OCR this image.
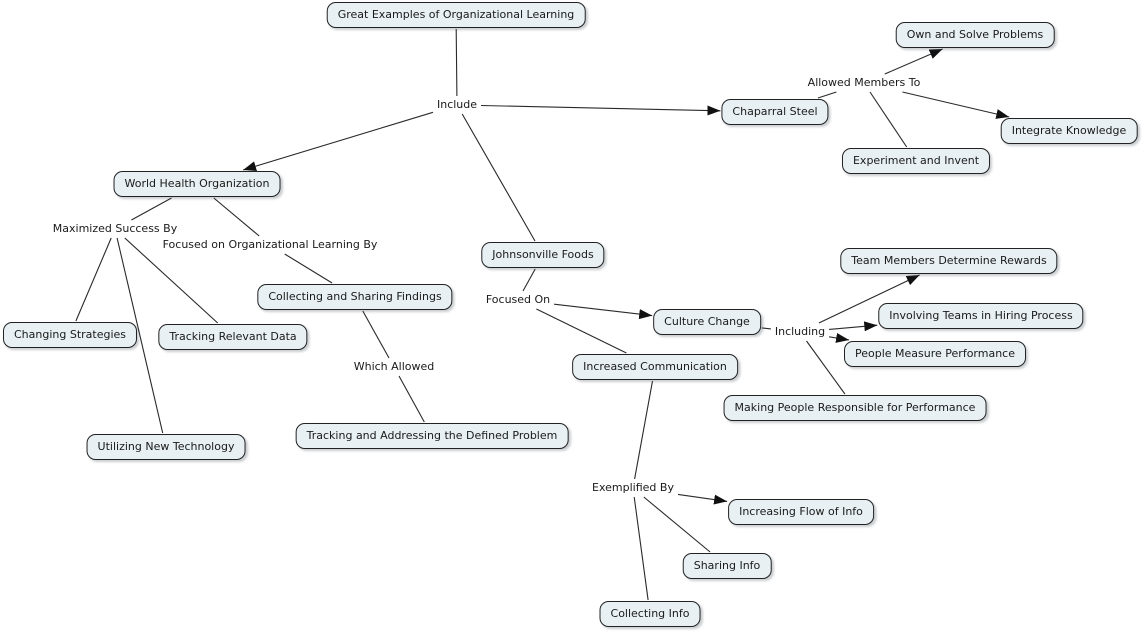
Great Examples of Organizational Learning
Chaparral Steel
Own and Solve Problems
Integrate Knowledge
Experiment and Invent
World Health Organization
Changing Strategies	Tracking Relevant Data
Collecting and Sharing Findings
Utilizing New Technology
Tracking and Addressing the Defined Problem
Johnsonville Foods
Culture Change
Team Members Determine Rewards
Involving Teams in Hiring Process
People Measure Performance
Making People Responsible for Performance
Increased Communication
Increasing Flow of Info
Sharing Info
Collecting Info
Include
Allowed Members To
Maximized Success By
Focused on Organizational Learning By
Which Allowed
Focused On
Including
Exemplified By
